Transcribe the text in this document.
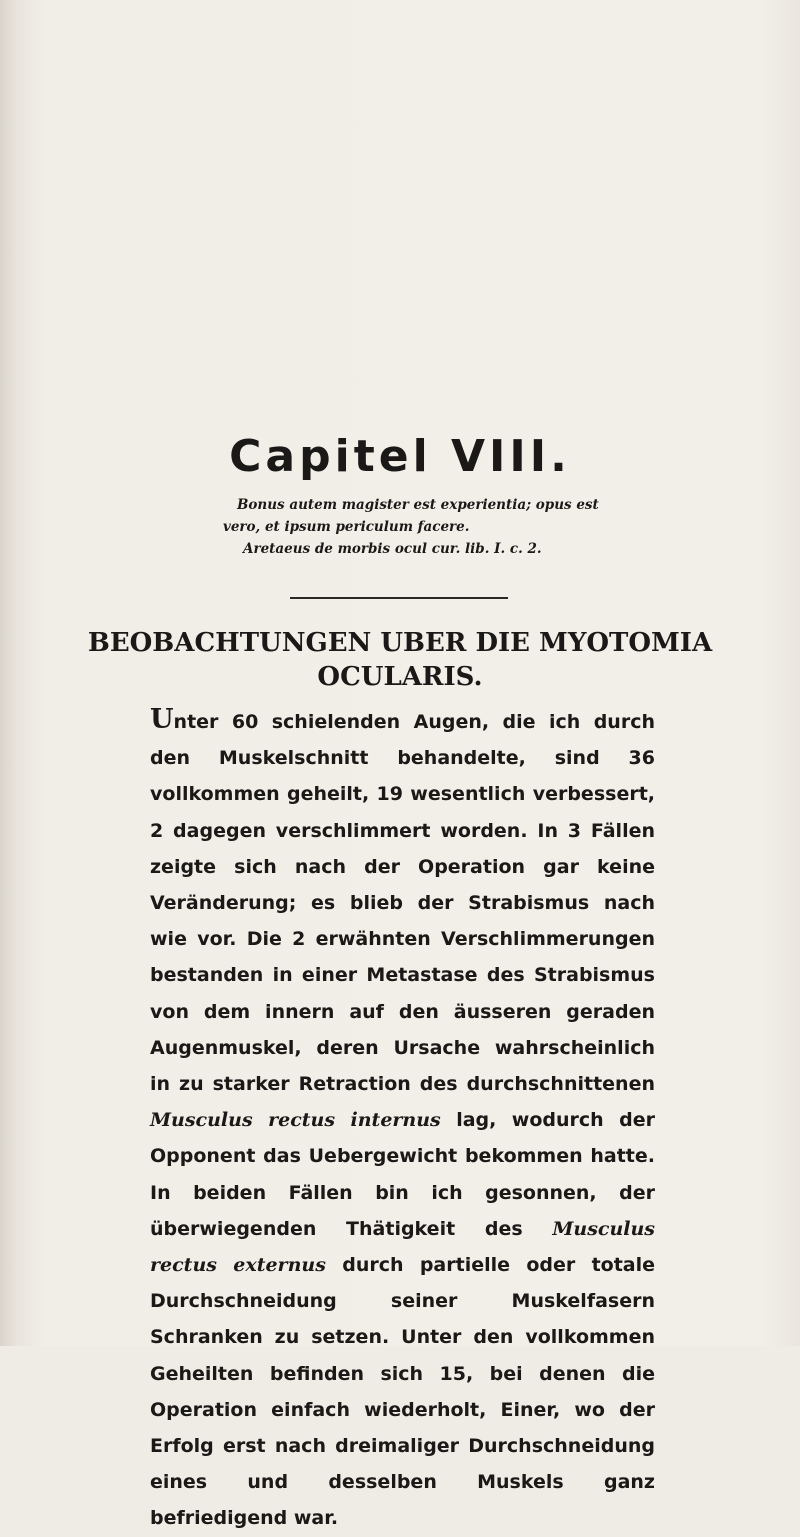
Capitel VIII.
Bonus autem magister est experientia; opus est
vero, et ipsum periculum facere.
Aretaeus de morbis ocul cur. lib. I. c. 2.
BEOBACHTUNGEN UBER DIE MYOTOMIA
OCULARIS.

Unter 60 schielenden Augen, die ich durch den Muskelschnitt behandelte, sind 36 vollkommen geheilt, 19 wesentlich verbessert, 2 dagegen verschlimmert worden. In 3 Fällen zeigte sich nach der Operation gar keine Veränderung; es blieb der Strabismus nach wie vor. Die 2 erwähnten Verschlimmerungen bestanden in einer Metastase des Strabismus von dem innern auf den äusseren geraden Augenmuskel, deren Ursache wahrscheinlich in zu starker Retraction des durchschnittenen Musculus rectus internus lag, wodurch der Opponent das Uebergewicht bekommen hatte. In beiden Fällen bin ich gesonnen, der überwiegenden Thätigkeit des Musculus rectus externus durch partielle oder totale Durchschneidung seiner Muskelfasern Schranken zu setzen. Unter den vollkommen Geheilten befinden sich 15, bei denen die Operation einfach wiederholt, Einer, wo der Erfolg erst nach dreimaliger Durchschneidung eines und desselben Muskels ganz befriedigend war.
